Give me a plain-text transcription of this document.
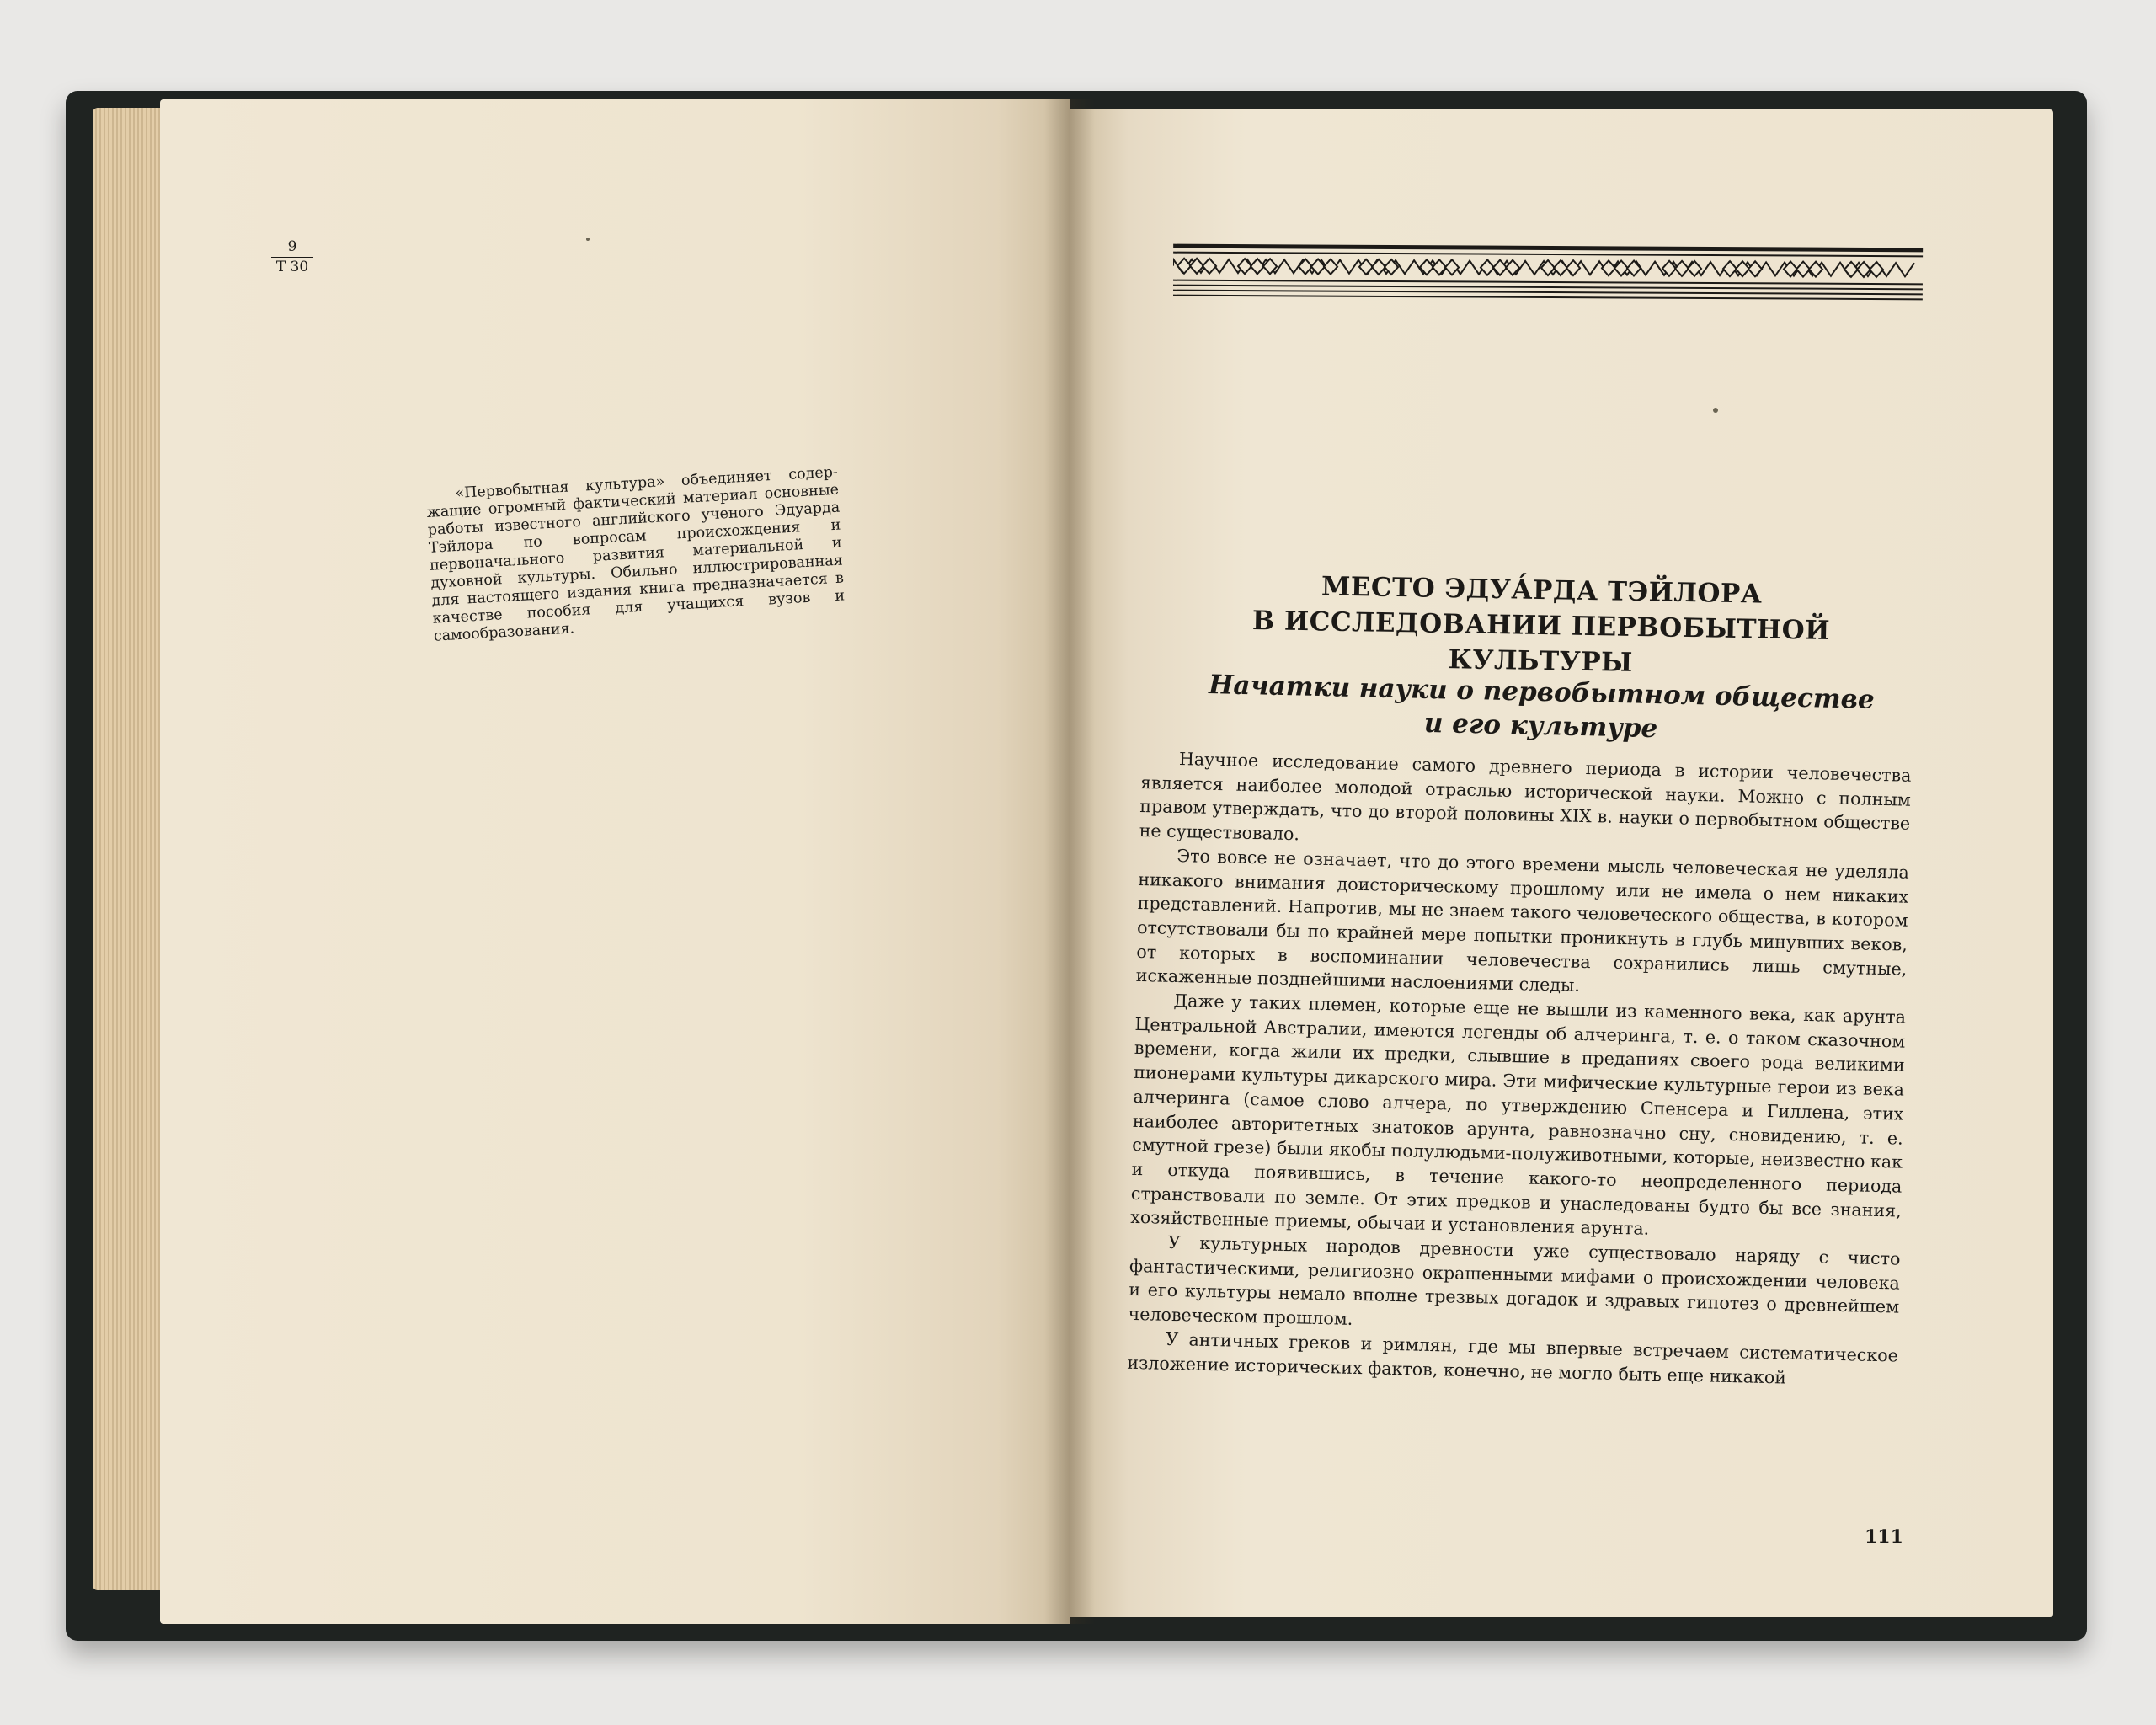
9
Т 30

«Первобытная культура» объединяет содержащие огромный фактический материал основные работы известного английского ученого Эдуарда Тэйлора по вопросам происхождения и первоначального развития материальной и духовной культуры. Обильно иллюстрированная для настоящего издания книга предназначается в качестве пособия для учащихся вузов и самообразования.

МЕСТО ЭДУА́РДА ТЭЙЛОРА
В ИССЛЕДОВАНИИ ПЕРВОБЫТНОЙ КУЛЬТУРЫ
Начатки науки о первобытном обществе
и его культуре

Научное исследование самого древнего периода в истории человечества является наиболее молодой отраслью исторической науки. Можно с полным правом утверждать, что до второй половины XIX в. науки о первобытном обществе не существовало.

Это вовсе не означает, что до этого времени мысль человеческая не уделяла никакого внимания доисторическому прошлому или не имела о нем никаких представлений. Напротив, мы не знаем такого человеческого общества, в котором отсутствовали бы по крайней мере попытки проникнуть в глубь минувших веков, от которых в воспоминании человечества сохранились лишь смутные, искаженные позднейшими наслоениями следы.

Даже у таких племен, которые еще не вышли из каменного века, как арунта Центральной Австралии, имеются легенды об алчеринга, т. е. о таком сказочном времени, когда жили их предки, слывшие в преданиях своего рода великими пионерами культуры дикарского мира. Эти мифические культурные герои из века алчеринга (самое слово алчера, по утверждению Спенсера и Гиллена, этих наиболее авторитетных знатоков арунта, равнозначно сну, сновидению, т. е. смутной грезе) были якобы полулюдьми-полуживотными, которые, неизвестно как и откуда появившись, в течение какого-то неопределенного периода странствовали по земле. От этих предков и унаследованы будто бы все знания, хозяйственные приемы, обычаи и установления арунта.

У культурных народов древности уже существовало наряду с чисто фантастическими, религиозно окрашенными мифами о происхождении человека и его культуры немало вполне трезвых догадок и здравых гипотез о древнейшем человеческом прошлом.

У античных греков и римлян, где мы впервые встречаем систематическое изложение исторических фактов, конечно, не могло быть еще никакой

111
